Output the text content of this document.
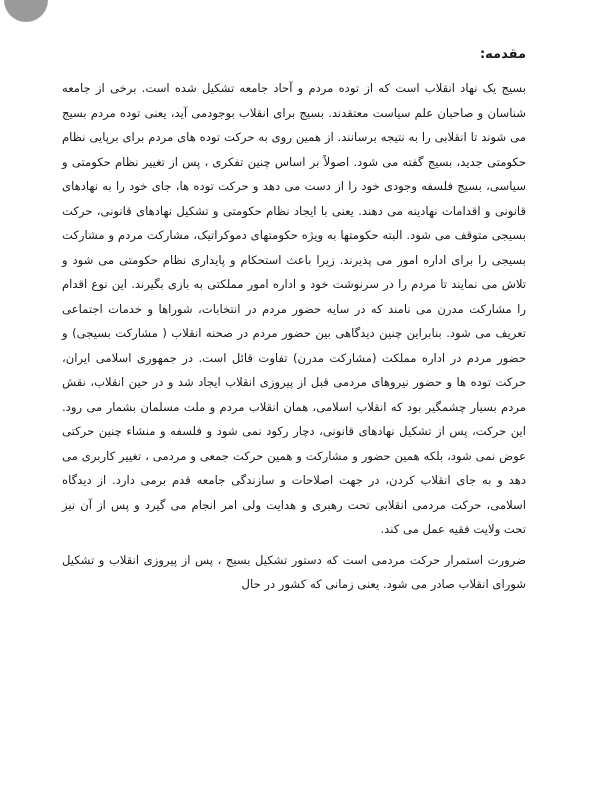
مقدمه:

بسیج یک نهاد انقلاب است که از توده مردم و آحاد جامعه تشکیل شده است. برخی از جامعه شناسان و صاحبان علم سیاست معتقدند. بسیج برای انقلاب بوجودمی آید، یعنی توده مردم بسیج می شوند تا انقلابی را به نتیجه برسانند. از همین روی به حرکت توده های مردم برای برپایی نظام حکومتی جدید، بسیج گفته می شود. اصولاً بر اساس چنین تفکری ، پس از تغییر نظام حکومتی و سیاسی، بسیج فلسفه وجودی خود را از دست می دهد و حرکت توده ها، جای خود را به نهادهای قانونی و اقدامات نهادینه می دهند. یعنی با ایجاد نظام حکومتی و تشکیل نهادهای قانونی، حرکت بسیجی متوقف می شود. البته حکومتها به ویژه حکومتهای دموکراتیک، مشارکت مردم و مشارکت بسیجی را برای اداره امور می پذیرند. زیرا باعث استحکام و پایداری نظام حکومتی می شود و تلاش می نمایند تا مردم را در سرنوشت خود و اداره امور مملکتی به بازی بگیرند. این نوع اقدام را مشارکت مدرن می نامند که در سایه حضور مردم در انتخابات، شوراها و خدمات اجتماعی تعریف می شود. بنابراین چنین دیدگاهی بین حضور مردم در صحنه انقلاب ( مشارکت بسیجی) و حضور مردم در اداره مملکت (مشارکت مدرن) تفاوت قائل است. در جمهوری اسلامی ایران، حرکت توده ها و حضور نیروهای مردمی قبل از پیروزی انقلاب ایجاد شد و در حین انقلاب، نقش مردم بسیار چشمگیر بود که انقلاب اسلامی، همان انقلاب مردم و ملت مسلمان بشمار می رود. این حرکت، پس از تشکیل نهادهای قانونی، دچار رکود نمی شود و فلسفه و منشاء چنین حرکتی عوض نمی شود، بلکه همین حضور و مشارکت و همین حرکت جمعی و مردمی ، تغییر کاربری می دهد و به جای انقلاب کردن، در جهت اصلاحات و سازندگی جامعه قدم برمی دارد. از دیدگاه اسلامی، حرکت مردمی انقلابی تحت رهبری و هدایت ولی امر انجام می گیرد و پس از آن نیز تحت ولایت فقیه عمل می کند.

ضرورت استمرار حرکت مردمی است که دستور تشکیل بسیج ، پس از پیروزی انقلاب و تشکیل شورای انقلاب صادر می شود. یعنی زمانی که کشور در حال
